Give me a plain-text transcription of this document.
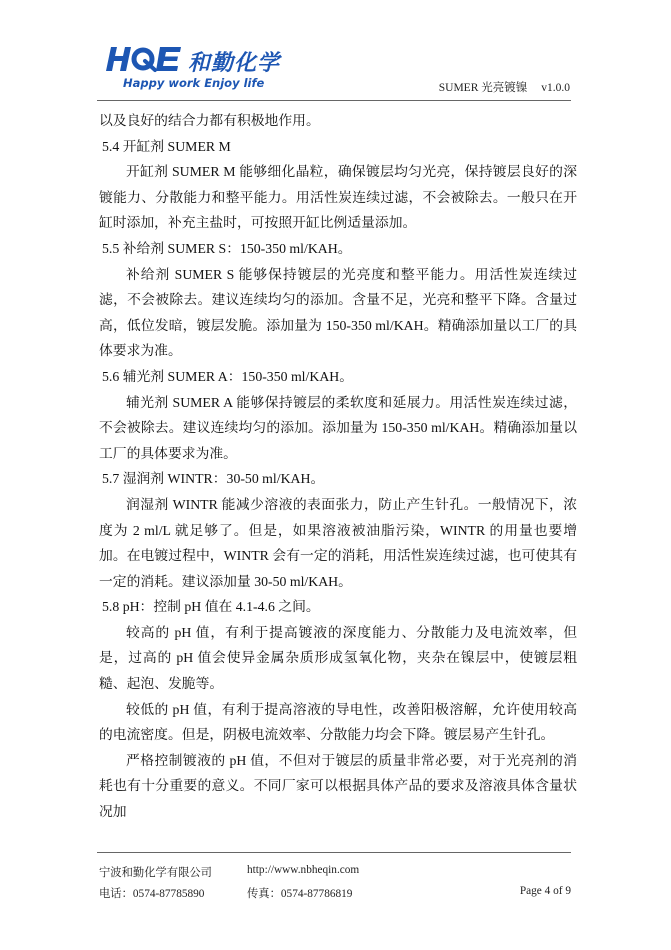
和勤化学
Happy work Enjoy life	SUMER 光亮镀镍 v1.0.0

以及良好的结合力都有积极地作用。

5.4 开缸剂 SUMER M

开缸剂 SUMER M 能够细化晶粒，确保镀层均匀光亮，保持镀层良好的深镀能力、分散能力和整平能力。用活性炭连续过滤，不会被除去。一般只在开缸时添加，补充主盐时，可按照开缸比例适量添加。

5.5 补给剂 SUMER S：150-350 ml/KAH。

补给剂 SUMER S 能够保持镀层的光亮度和整平能力。用活性炭连续过滤，不会被除去。建议连续均匀的添加。含量不足，光亮和整平下降。含量过高，低位发暗，镀层发脆。添加量为 150-350 ml/KAH。精确添加量以工厂的具体要求为准。

5.6 辅光剂 SUMER A：150-350 ml/KAH。

辅光剂 SUMER A 能够保持镀层的柔软度和延展力。用活性炭连续过滤，不会被除去。建议连续均匀的添加。添加量为 150-350 ml/KAH。精确添加量以工厂的具体要求为准。

5.7 湿润剂 WINTR：30-50 ml/KAH。

润湿剂 WINTR 能减少溶液的表面张力，防止产生针孔。一般情况下，浓度为 2 ml/L 就足够了。但是，如果溶液被油脂污染，WINTR 的用量也要增加。在电镀过程中，WINTR 会有一定的消耗，用活性炭连续过滤，也可使其有一定的消耗。建议添加量 30-50 ml/KAH。

5.8 pH：控制 pH 值在 4.1-4.6 之间。

较高的 pH 值，有利于提高镀液的深度能力、分散能力及电流效率，但是，过高的 pH 值会使异金属杂质形成氢氧化物，夹杂在镍层中，使镀层粗糙、起泡、发脆等。

较低的 pH 值，有利于提高溶液的导电性，改善阳极溶解，允许使用较高的电流密度。但是，阴极电流效率、分散能力均会下降。镀层易产生针孔。

严格控制镀液的 pH 值，不但对于镀层的质量非常必要，对于光亮剂的消耗也有十分重要的意义。不同厂家可以根据具体产品的要求及溶液具体含量状况加

宁波和勤化学有限公司	http://www.nbheqin.com
电话：0574-87785890	传真：0574-87786819	Page 4 of 9
